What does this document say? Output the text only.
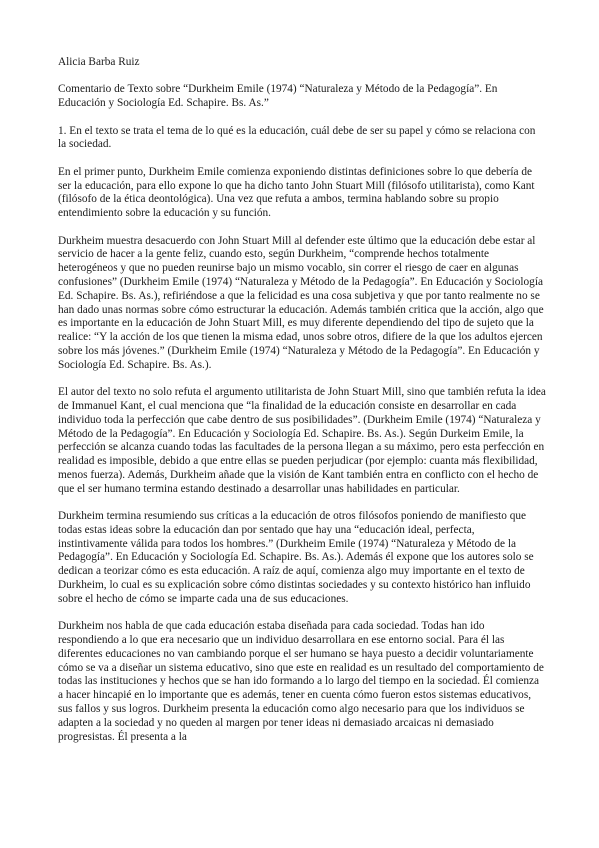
Alicia Barba Ruiz

Comentario de Texto sobre “Durkheim Emile (1974) “Naturaleza y Método de la Pedagogía”. En Educación y Sociología Ed. Schapire. Bs. As.”

1. En el texto se trata el tema de lo qué es la educación, cuál debe de ser su papel y cómo se relaciona con la sociedad.

En el primer punto, Durkheim Emile comienza exponiendo distintas definiciones sobre lo que debería de ser la educación, para ello expone lo que ha dicho tanto John Stuart Mill (filósofo utilitarista), como Kant (filósofo de la ética deontológica). Una vez que refuta a ambos, termina hablando sobre su propio entendimiento sobre la educación y su función.

Durkheim muestra desacuerdo con John Stuart Mill al defender este último que la educación debe estar al servicio de hacer a la gente feliz, cuando esto, según Durkheim, “comprende hechos totalmente heterogéneos y que no pueden reunirse bajo un mismo vocablo, sin correr el riesgo de caer en algunas confusiones” (Durkheim Emile (1974) “Naturaleza y Método de la Pedagogía”. En Educación y Sociología Ed. Schapire. Bs. As.), refiriéndose a que la felicidad es una cosa subjetiva y que por tanto realmente no se han dado unas normas sobre cómo estructurar la educación. Además también critica que la acción, algo que es importante en la educación de John Stuart Mill, es muy diferente dependiendo del tipo de sujeto que la realice: “Y la acción de los que tienen la misma edad, unos sobre otros, difiere de la que los adultos ejercen sobre los más jóvenes.” (Durkheim Emile (1974) “Naturaleza y Método de la Pedagogía”. En Educación y Sociología Ed. Schapire. Bs. As.).

El autor del texto no solo refuta el argumento utilitarista de John Stuart Mill, sino que también refuta la idea de Immanuel Kant, el cual menciona que “la finalidad de la educación consiste en desarrollar en cada individuo toda la perfección que cabe dentro de sus posibilidades”. (Durkheim Emile (1974) “Naturaleza y Método de la Pedagogía”. En Educación y Sociología Ed. Schapire. Bs. As.). Según Durkeim Emile, la perfección se alcanza cuando todas las facultades de la persona llegan a su máximo, pero esta perfección en realidad es imposible, debido a que entre ellas se pueden perjudicar (por ejemplo: cuanta más flexibilidad, menos fuerza). Además, Durkheim añade que la visión de Kant también entra en conflicto con el hecho de que el ser humano termina estando destinado a desarrollar unas habilidades en particular.

Durkheim termina resumiendo sus críticas a la educación de otros filósofos poniendo de manifiesto que todas estas ideas sobre la educación dan por sentado que hay una “educación ideal, perfecta, instintivamente válida para todos los hombres.” (Durkheim Emile (1974) “Naturaleza y Método de la Pedagogía”. En Educación y Sociología Ed. Schapire. Bs. As.). Además él expone que los autores solo se dedican a teorizar cómo es esta educación. A raíz de aquí, comienza algo muy importante en el texto de Durkheim, lo cual es su explicación sobre cómo distintas sociedades y su contexto histórico han influido sobre el hecho de cómo se imparte cada una de sus educaciones.

Durkheim nos habla de que cada educación estaba diseñada para cada sociedad. Todas han ido respondiendo a lo que era necesario que un individuo desarrollara en ese entorno social. Para él las diferentes educaciones no van cambiando porque el ser humano se haya puesto a decidir voluntariamente cómo se va a diseñar un sistema educativo, sino que este en realidad es un resultado del comportamiento de todas las instituciones y hechos que se han ido formando a lo largo del tiempo en la sociedad. Él comienza a hacer hincapié en lo importante que es además, tener en cuenta cómo fueron estos sistemas educativos, sus fallos y sus logros. Durkheim presenta la educación como algo necesario para que los individuos se adapten a la sociedad y no queden al margen por tener ideas ni demasiado arcaicas ni demasiado progresistas. Él presenta a la
